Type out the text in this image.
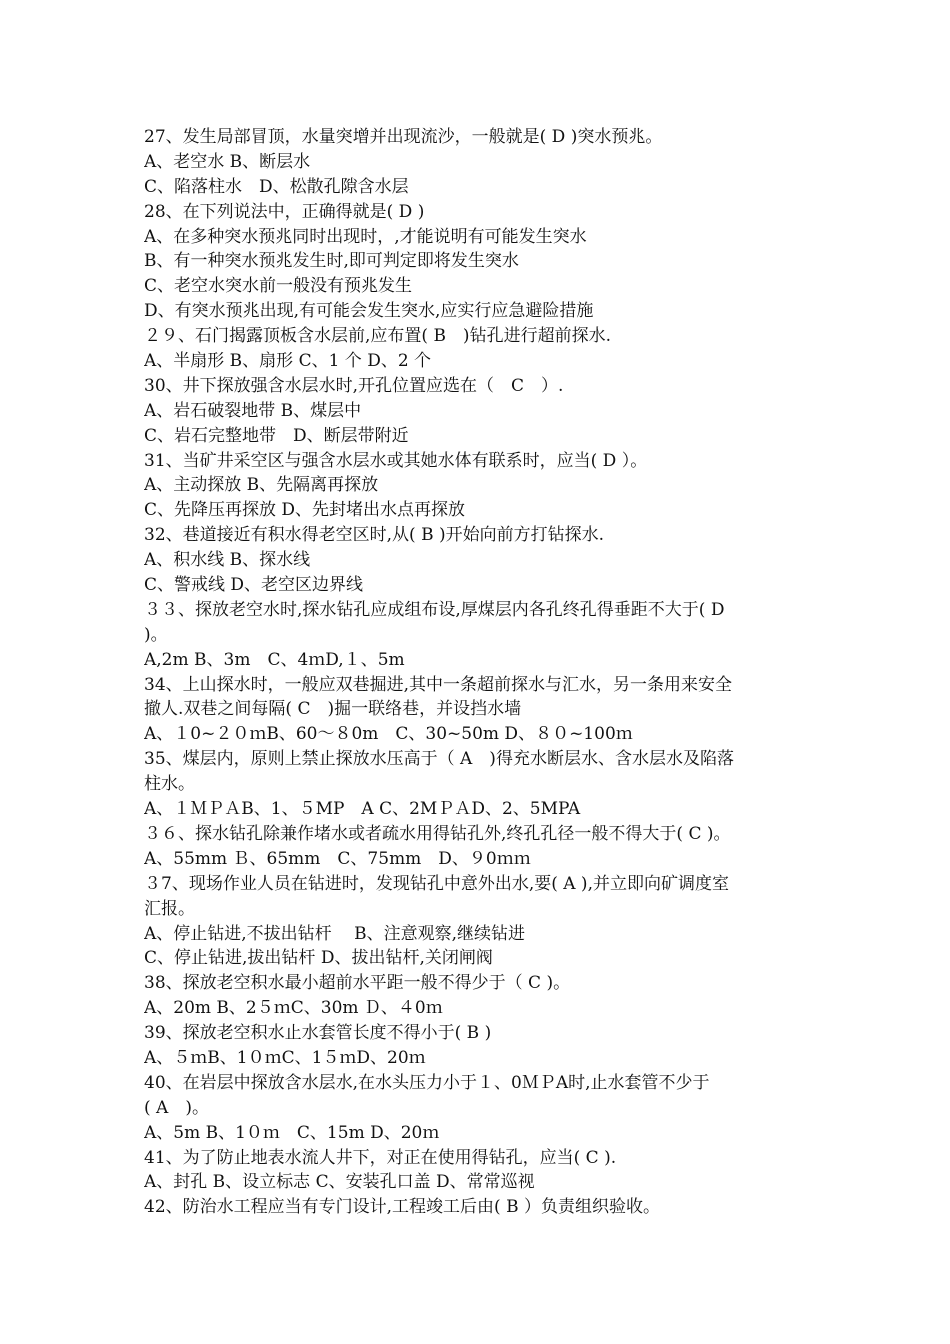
27、发生局部冒顶，水量突增并出现流沙，一般就是( D )突水预兆。
A、老空水 B、断层水
C、陷落柱水　D、松散孔隙含水层
28、在下列说法中，正确得就是( D )
A、在多种突水预兆同时出现时，,才能说明有可能发生突水
B、有一种突水预兆发生时,即可判定即将发生突水
C、老空水突水前一般没有预兆发生
D、有突水预兆出现,有可能会发生突水,应实行应急避险措施
２９、石门揭露顶板含水层前,应布置( B　)钻孔进行超前探水.
A、半扇形 B、扇形 C、1 个 D、2 个
30、井下探放强含水层水时,开孔位置应选在（　C　）.
A、岩石破裂地带 B、煤层中
C、岩石完整地带　D、断层带附近
31、当矿井采空区与强含水层水或其她水体有联系时，应当( D ）。
A、主动探放 B、先隔离再探放
C、先降压再探放 D、先封堵出水点再探放
32、巷道接近有积水得老空区时,从( B )开始向前方打钻探水.
A、积水线 B、探水线
C、警戒线 D、老空区边界线
３３、探放老空水时,探水钻孔应成组布设,厚煤层内各孔终孔得垂距不大于( D
)。
A,2m B、3m　C、4ｍD,１、5m
34、上山探水时，一般应双巷掘进,其中一条超前探水与汇水，另一条用来安全
撤人.双巷之间每隔( C　)掘一联络巷，并设挡水墙
A、１0~２０ｍB、60～８0m　C、30~50m D、８０~100ｍ
35、煤层内，原则上禁止探放水压高于（ A　)得充水断层水、含水层水及陷落
柱水。
A、１ＭＰＡB、1、５MP　A C、2MＰＡD、2、5MPA
３６、探水钻孔除兼作堵水或者疏水用得钻孔外,终孔孔径一般不得大于( C )。
A、55mm Ｂ、65mm　C、75mm　D、９0ｍｍ
３7、现场作业人员在钻进时，发现钻孔中意外出水,要( A ),并立即向矿调度室
汇报。
A、停止钻进,不拔出钻杆　 B、注意观察,继续钻进
C、停止钻进,拔出钻杆 D、拔出钻杆,关闭闸阀
38、探放老空积水最小超前水平距一般不得少于（ C )。
A、20m B、2５ｍC、30m Ｄ、４0ｍ
39、探放老空积水止水套管长度不得小于( B )
A、５ｍB、1０ｍC、1５ｍD、20ｍ
40、在岩层中探放含水层水,在水头压力小于１、0ＭＰA时,止水套管不少于
( A　)。
A、5m B、1０ｍ　C、15m D、20ｍ
41、为了防止地表水流人井下，对正在使用得钻孔，应当( C ).
A、封孔 B、设立标志 C、安装孔口盖 D、常常巡视
42、防治水工程应当有专门设计,工程竣工后由( B ）负责组织验收。
